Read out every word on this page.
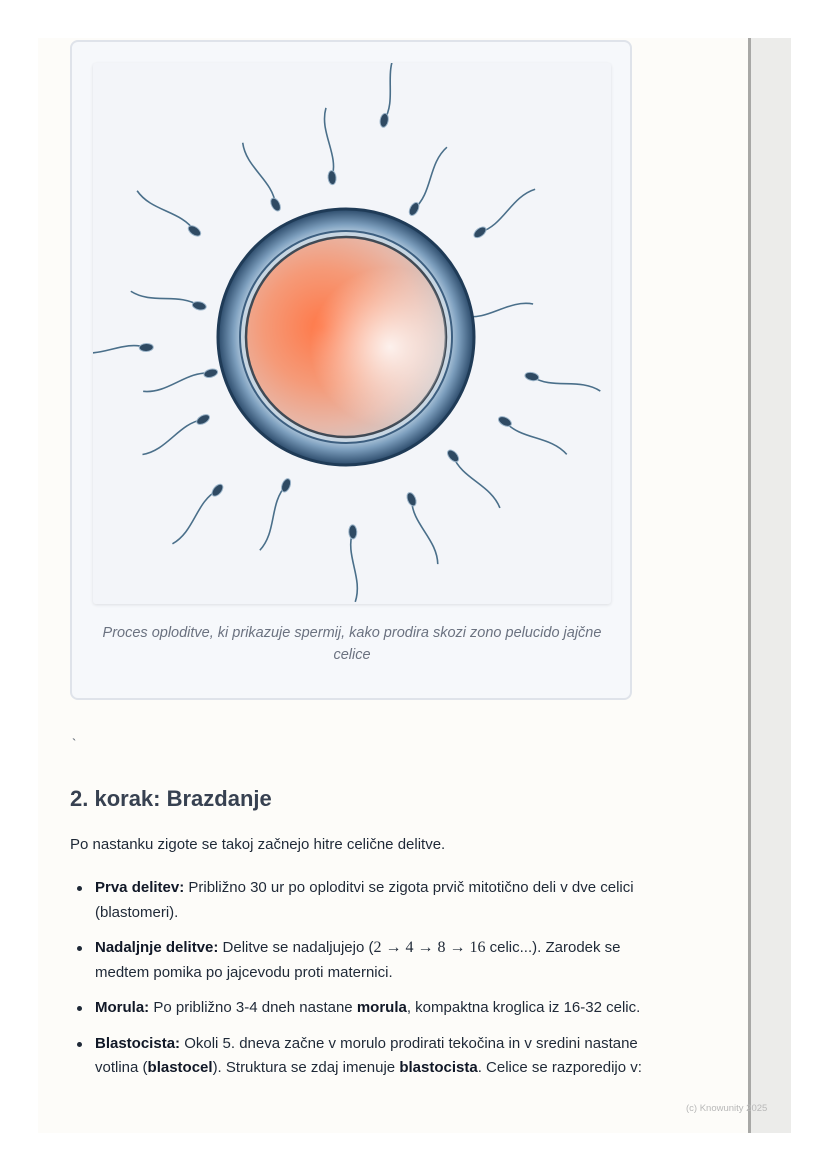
Proces oploditve, ki prikazuje spermij, kako prodira skozi zono pelucido jajčne celice
`
2. korak: Brazdanje

Po nastanku zigote se takoj začnejo hitre celične delitve.

Prva delitev: Približno 30 ur po oploditvi se zigota prvič mitotično deli v dve celici (blastomeri).
Nadaljnje delitve: Delitve se nadaljujejo (2 → 4 → 8 → 16 celic...). Zarodek se medtem pomika po jajcevodu proti maternici.
Morula: Po približno 3-4 dneh nastane morula, kompaktna kroglica iz 16-32 celic.
Blastocista: Okoli 5. dneva začne v morulo prodirati tekočina in v sredini nastane votlina (blastocel). Struktura se zdaj imenuje blastocista. Celice se razporedijo v:
(c) Knowunity 2025
